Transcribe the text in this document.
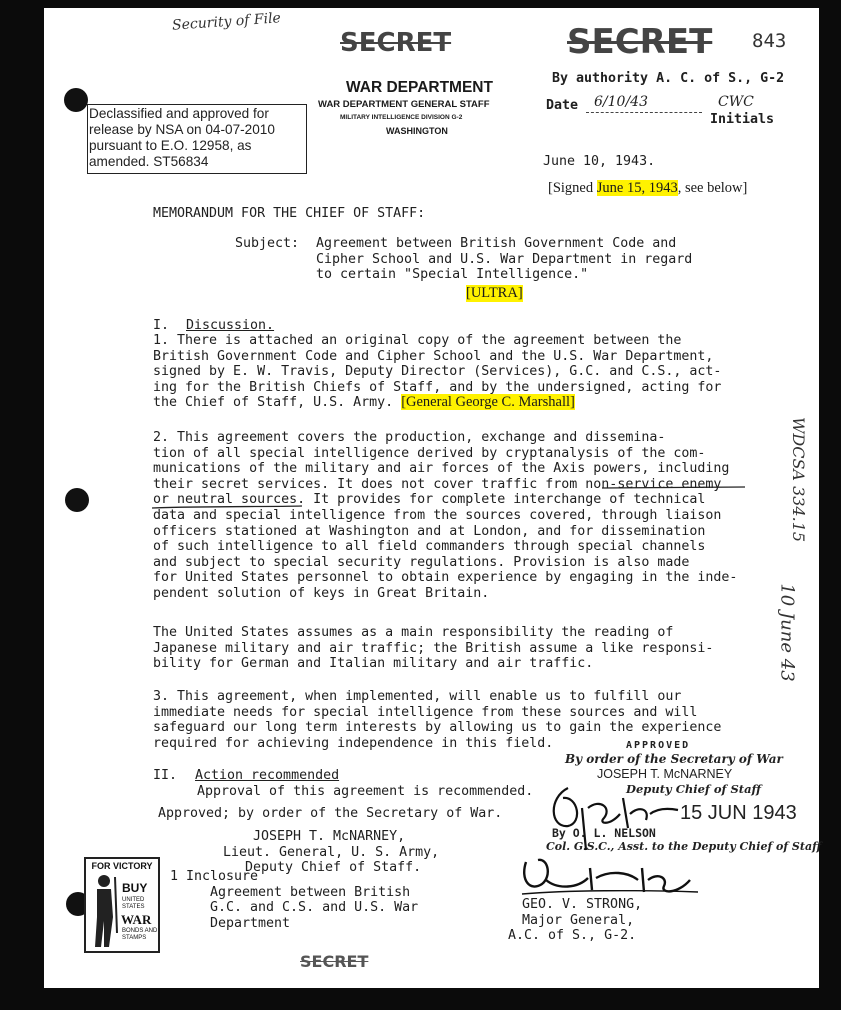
Security of File
SECRET	SECRET 843
WAR DEPARTMENT
WAR DEPARTMENT GENERAL STAFF
MILITARY INTELLIGENCE DIVISION G-2
WASHINGTON
By authority A. C. of S., G-2
Date 6/10/43	CWC
Initials
Declassified and approved for
release by NSA on 04-07-2010
pursuant to E.O. 12958, as
amended. ST56834	June 10, 1943.
[Signed June 15, 1943, see below]
MEMORANDUM FOR THE CHIEF OF STAFF:
Subject: Agreement between British Government Code and
Cipher School and U.S. War Department in regard
to certain "Special Intelligence."
[ULTRA]
I. Discussion.
1. There is attached an original copy of the agreement between the
British Government Code and Cipher School and the U.S. War Department,
signed by E. W. Travis, Deputy Director (Services), G.C. and C.S., act-
ing for the British Chiefs of Staff, and by the undersigned, acting for
the Chief of Staff, U.S. Army. [General George C. Marshall]
2. This agreement covers the production, exchange and dissemina-
tion of all special intelligence derived by cryptanalysis of the com-
munications of the military and air forces of the Axis powers, including
their secret services. It does not cover traffic from non-service enemy
or neutral sources. It provides for complete interchange of technical
data and special intelligence from the sources covered, through liaison
officers stationed at Washington and at London, and for dissemination
of such intelligence to all field commanders through special channels
and subject to special security regulations. Provision is also made
for United States personnel to obtain experience by engaging in the inde-
pendent solution of keys in Great Britain.
The United States assumes as a main responsibility the reading of
Japanese military and air traffic; the British assume a like responsi-
bility for German and Italian military and air traffic.
3. This agreement, when implemented, will enable us to fulfill our
immediate needs for special intelligence from these sources and will
safeguard our long term interests by allowing us to gain the experience
required for achieving independence in this field.
II. Action recommended
Approval of this agreement is recommended.
Approved; by order of the Secretary of War.
JOSEPH T. McNARNEY,
Lieut. General, U. S. Army,
Deputy Chief of Staff.
1 Inclosure
Agreement between British
G.C. and C.S. and U.S. War
Department
APPROVED
By order of the Secretary of War
JOSEPH T. McNARNEY
Deputy Chief of Staff
15 JUN 1943
By O. L. NELSON
Col. G.S.C., Asst. to the Deputy Chief of Staff
GEO. V. STRONG,
Major General,
A.C. of S., G-2.
SECRET
WDCSA 334.15
10 June 43
FOR VICTORY
BUY
UNITED STATES
WAR
BONDS AND STAMPS
